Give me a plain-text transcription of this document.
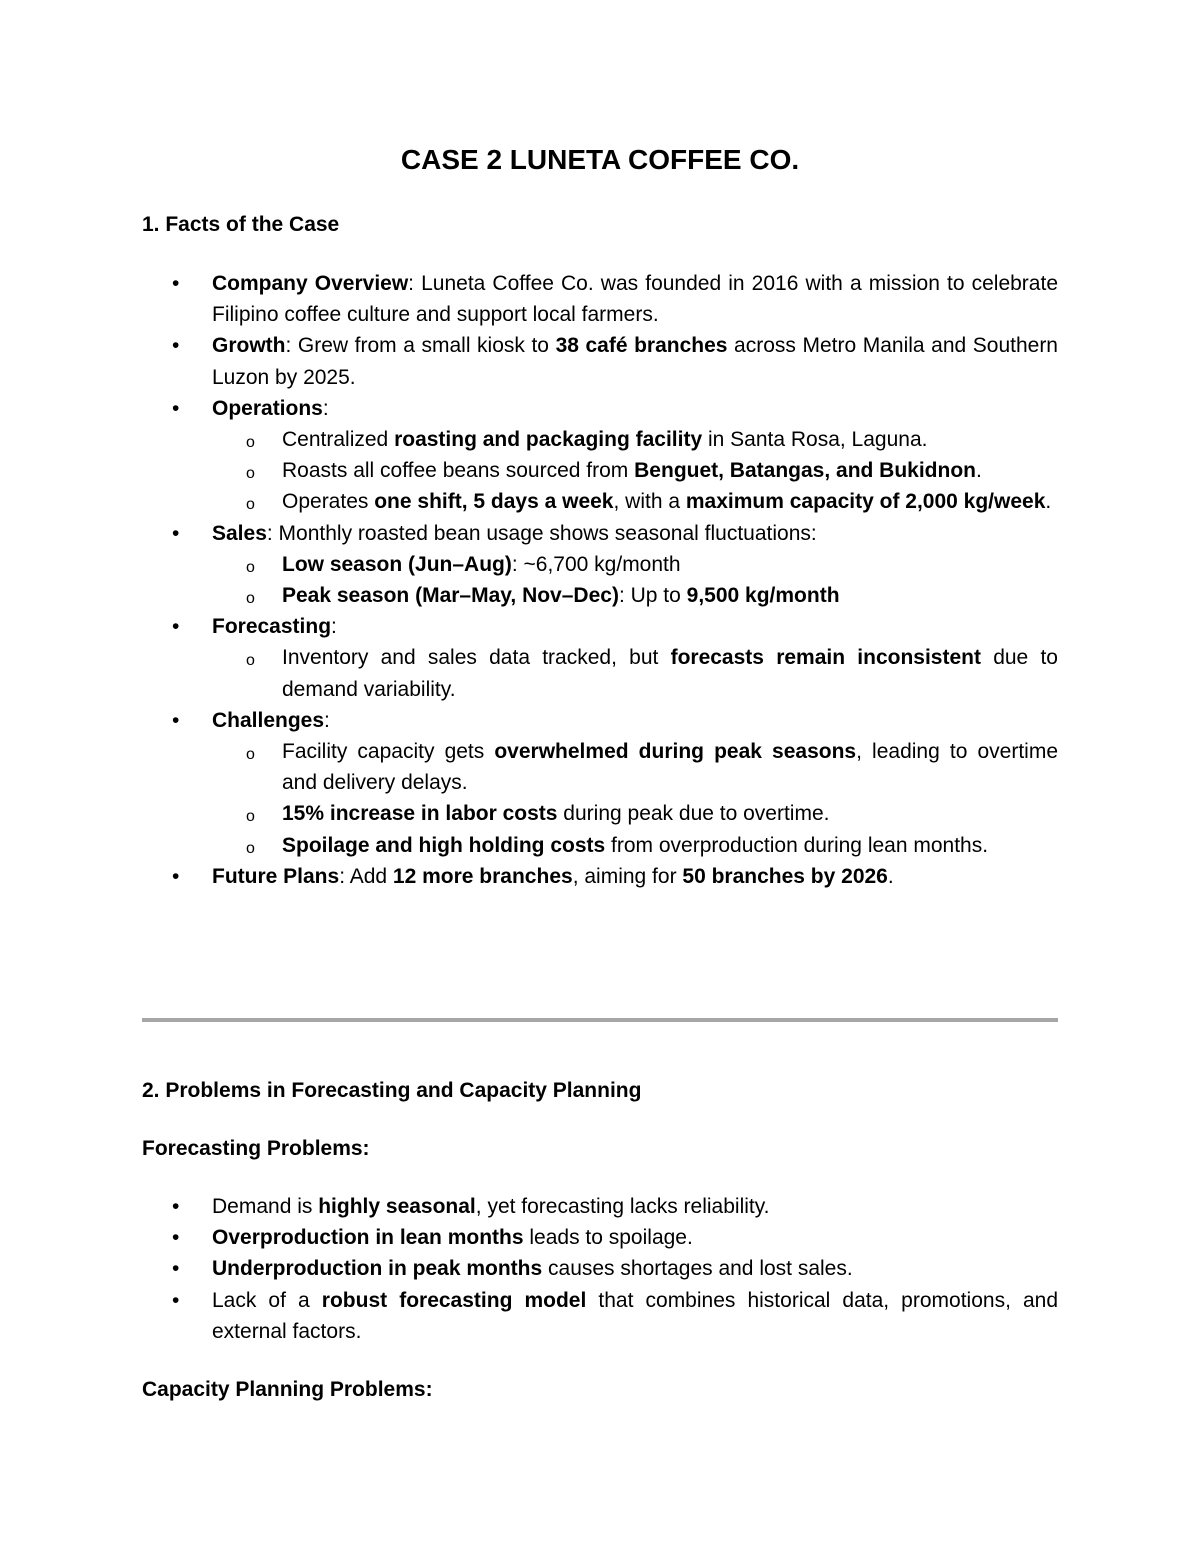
CASE 2 LUNETA COFFEE CO.
1. Facts of the Case
• Company Overview: Luneta Coffee Co. was founded in 2016 with a mission to celebrate Filipino coffee culture and support local farmers.
• Growth: Grew from a small kiosk to 38 café branches across Metro Manila and Southern Luzon by 2025.
• Operations:
o Centralized roasting and packaging facility in Santa Rosa, Laguna.
o Roasts all coffee beans sourced from Benguet, Batangas, and Bukidnon.
o Operates one shift, 5 days a week, with a maximum capacity of 2,000 kg/week.
• Sales: Monthly roasted bean usage shows seasonal fluctuations:
o Low season (Jun–Aug): ~6,700 kg/month
o Peak season (Mar–May, Nov–Dec): Up to 9,500 kg/month
• Forecasting:
o Inventory and sales data tracked, but forecasts remain inconsistent due to demand variability.
• Challenges:
o Facility capacity gets overwhelmed during peak seasons, leading to overtime and delivery delays.
o 15% increase in labor costs during peak due to overtime.
o Spoilage and high holding costs from overproduction during lean months.
• Future Plans: Add 12 more branches, aiming for 50 branches by 2026.
2. Problems in Forecasting and Capacity Planning
Forecasting Problems:
• Demand is highly seasonal, yet forecasting lacks reliability.
• Overproduction in lean months leads to spoilage.
• Underproduction in peak months causes shortages and lost sales.
• Lack of a robust forecasting model that combines historical data, promotions, and external factors.
Capacity Planning Problems:
